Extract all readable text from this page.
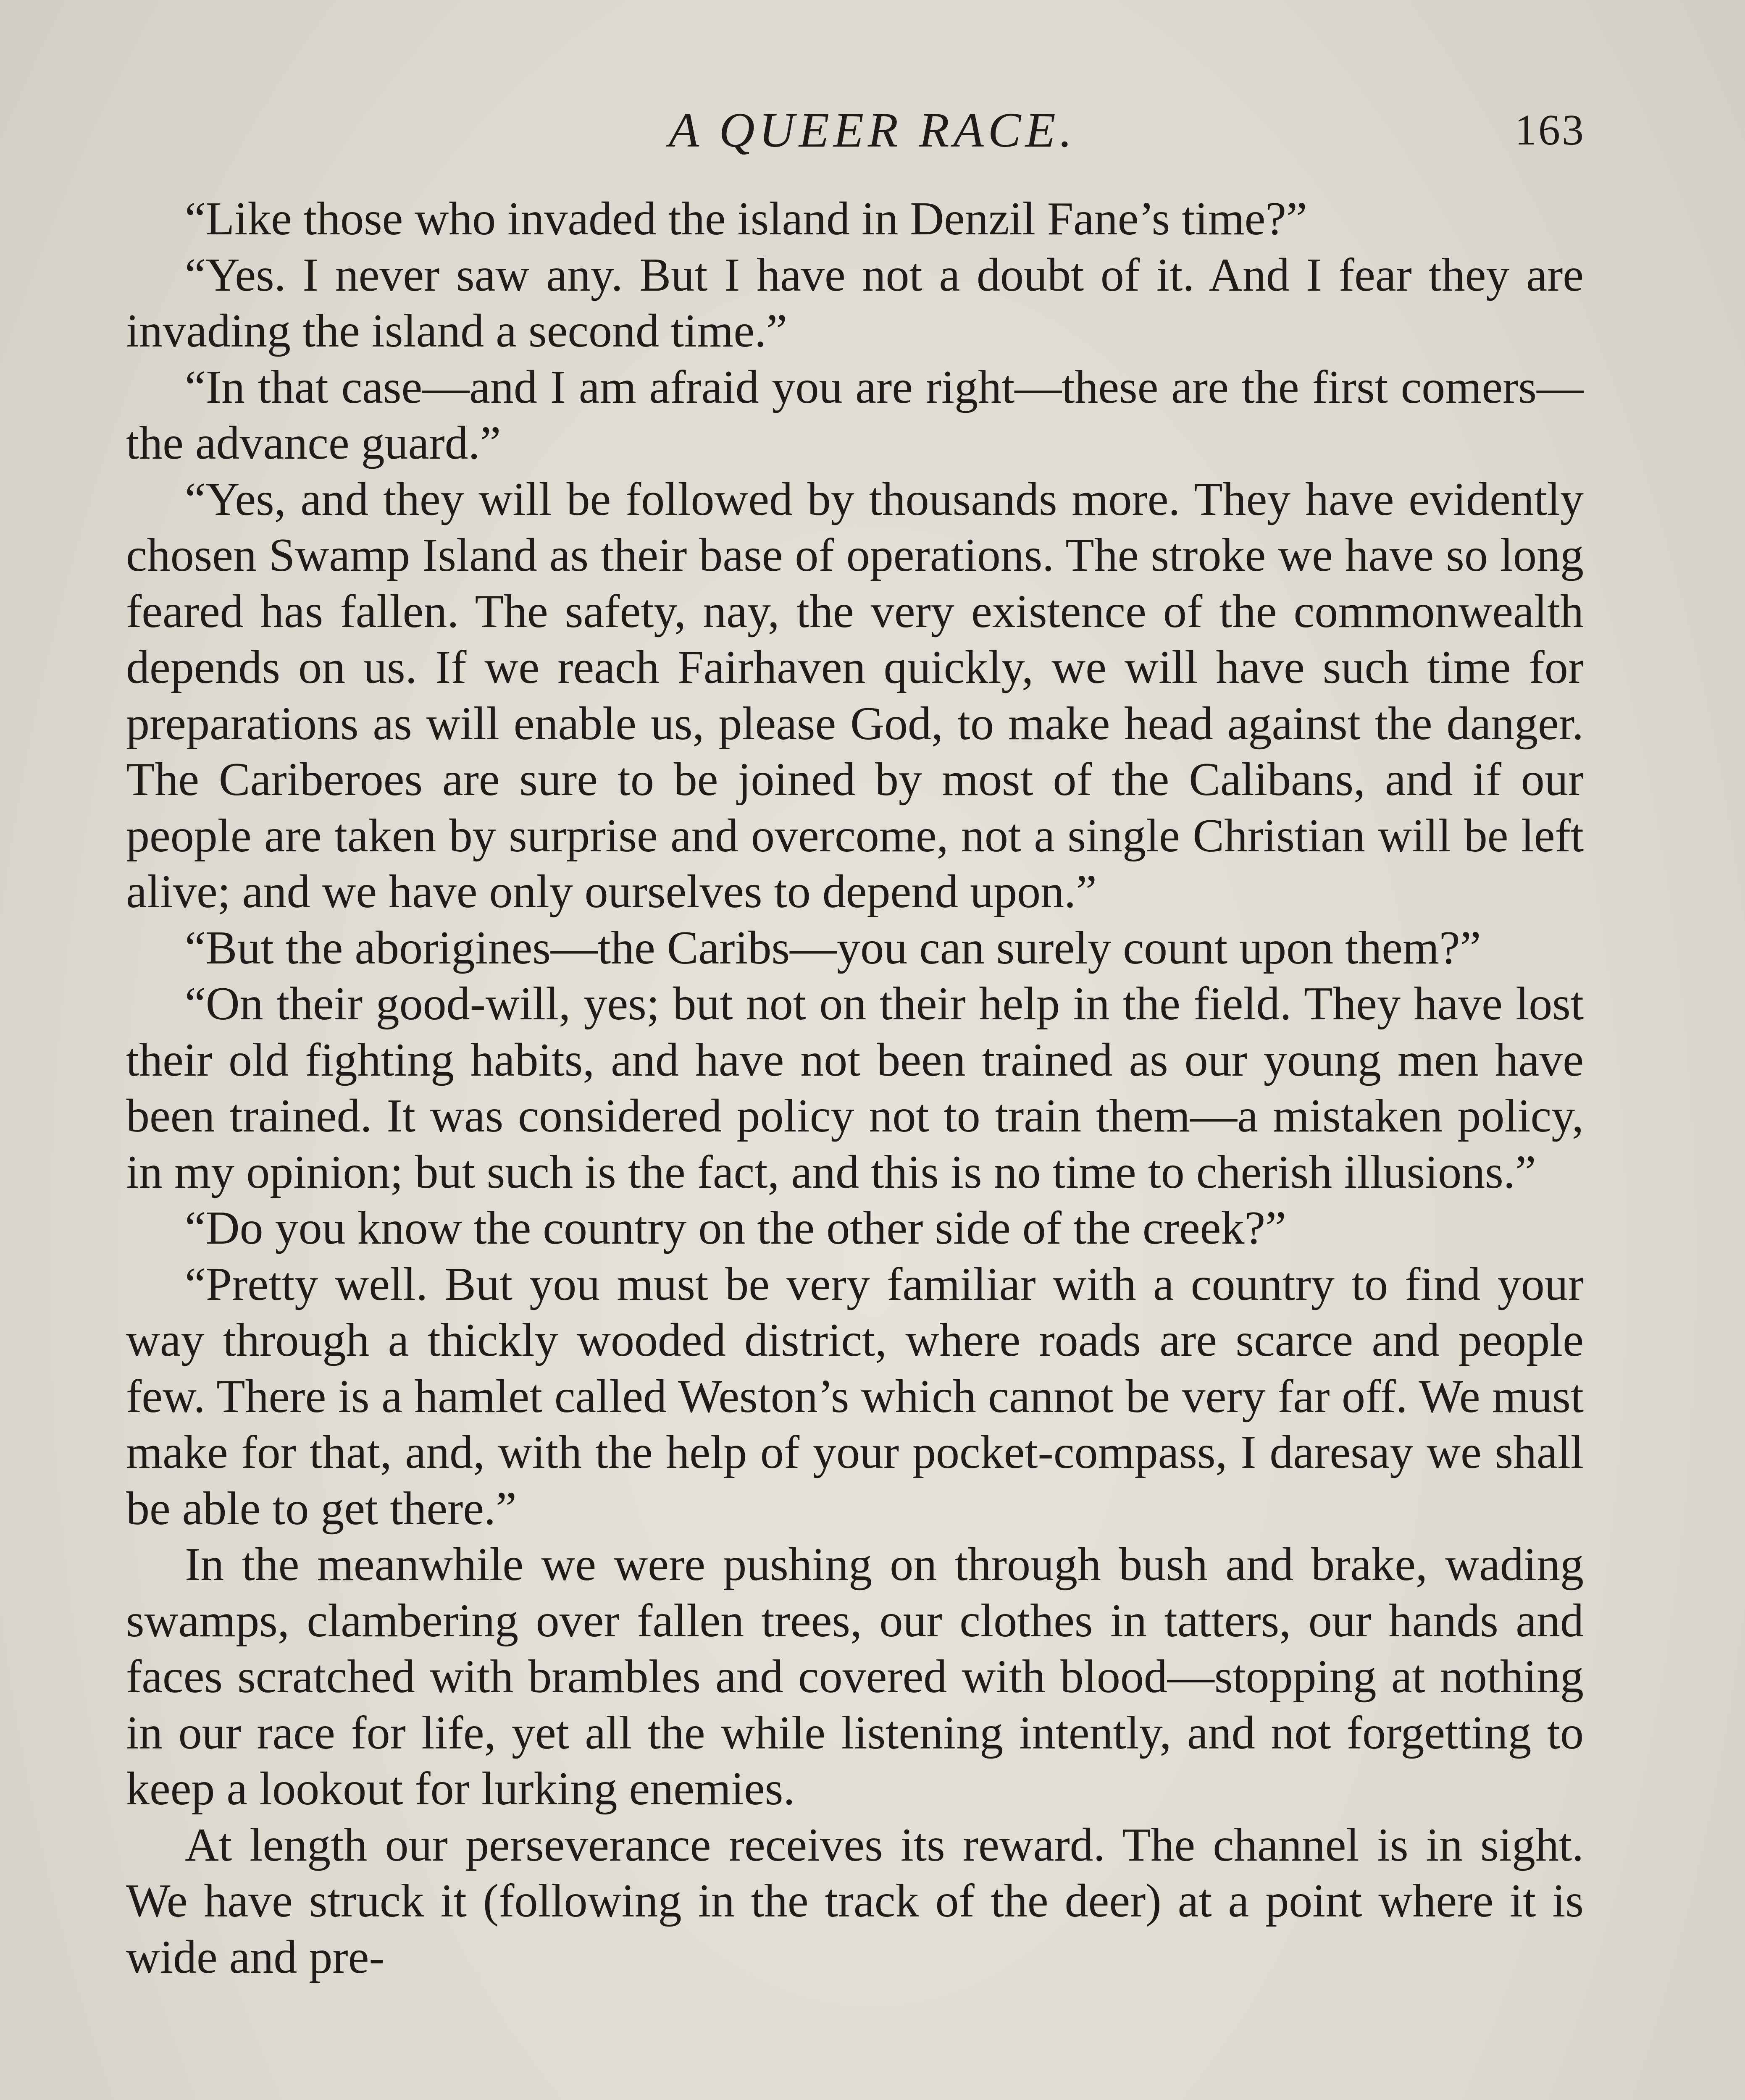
A QUEER RACE.	163

“Like those who invaded the island in Denzil Fane’s time?”

“Yes. I never saw any. But I have not a doubt of it. And I fear they are invading the island a second time.”

“In that case—and I am afraid you are right—these are the first comers—the advance guard.”

“Yes, and they will be followed by thousands more. They have evidently chosen Swamp Island as their base of operations. The stroke we have so long feared has fallen. The safety, nay, the very existence of the commonwealth depends on us. If we reach Fairhaven quickly, we will have such time for preparations as will enable us, please God, to make head against the danger. The Cariberoes are sure to be joined by most of the Calibans, and if our people are taken by surprise and overcome, not a single Christian will be left alive; and we have only ourselves to depend upon.”

“But the aborigines—the Caribs—you can surely count upon them?”

“On their good-will, yes; but not on their help in the field. They have lost their old fighting habits, and have not been trained as our young men have been trained. It was considered policy not to train them—a mistaken policy, in my opinion; but such is the fact, and this is no time to cherish illusions.”

“Do you know the country on the other side of the creek?”

“Pretty well. But you must be very familiar with a country to find your way through a thickly wooded district, where roads are scarce and people few. There is a hamlet called Weston’s which cannot be very far off. We must make for that, and, with the help of your pocket-compass, I daresay we shall be able to get there.”

In the meanwhile we were pushing on through bush and brake, wading swamps, clambering over fallen trees, our clothes in tatters, our hands and faces scratched with brambles and covered with blood—stopping at nothing in our race for life, yet all the while listening intently, and not forgetting to keep a lookout for lurking enemies.

At length our perseverance receives its reward. The channel is in sight. We have struck it (following in the track of the deer) at a point where it is wide and pre-
